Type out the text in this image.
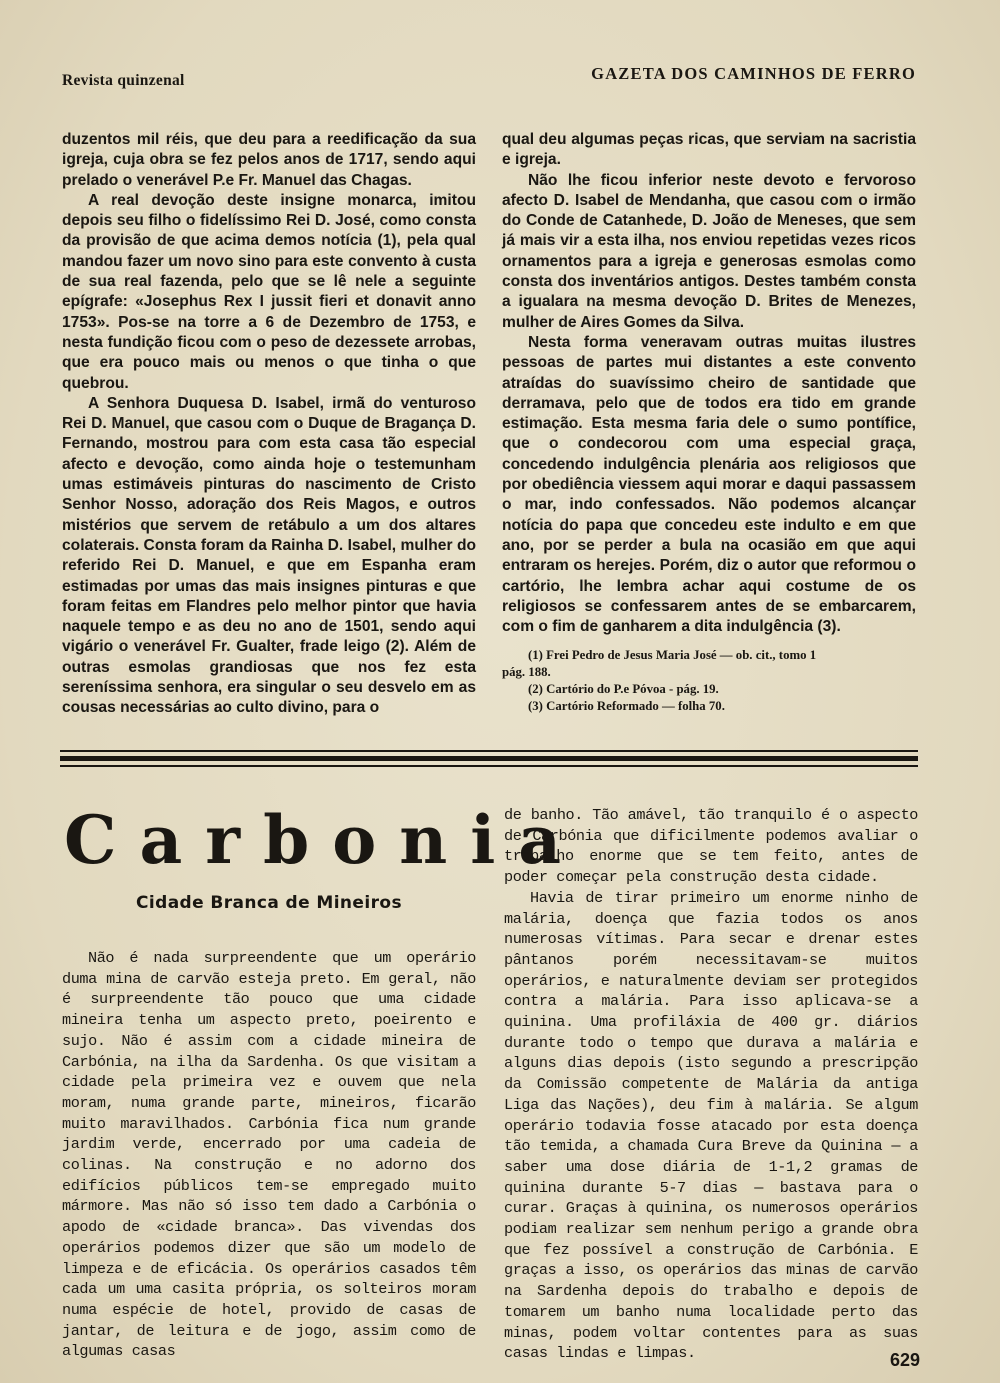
Revista quinzenal	GAZETA DOS CAMINHOS DE FERRO

duzentos mil réis, que deu para a reedificação da sua igreja, cuja obra se fez pelos anos de 1717, sendo aqui prelado o venerável P.e Fr. Manuel das Chagas.

A real devoção deste insigne monarca, imitou depois seu filho o fidelíssimo Rei D. José, como consta da provisão de que acima demos notícia (1), pela qual mandou fazer um novo sino para este convento à custa de sua real fazenda, pelo que se lê nele a seguinte epígrafe: «Josephus Rex I jussit fieri et donavit anno 1753». Pos-se na torre a 6 de Dezembro de 1753, e nesta fundição ficou com o peso de dezessete arrobas, que era pouco mais ou menos o que tinha o que quebrou.

A Senhora Duquesa D. Isabel, irmã do venturoso Rei D. Manuel, que casou com o Duque de Bragança D. Fernando, mostrou para com esta casa tão especial afecto e devoção, como ainda hoje o testemunham umas estimáveis pinturas do nascimento de Cristo Senhor Nosso, adoração dos Reis Magos, e outros mistérios que servem de retábulo a um dos altares colaterais. Consta foram da Rainha D. Isabel, mulher do referido Rei D. Manuel, e que em Espanha eram estimadas por umas das mais insignes pinturas e que foram feitas em Flandres pelo melhor pintor que havia naquele tempo e as deu no ano de 1501, sendo aqui vigário o venerável Fr. Gualter, frade leigo (2). Além de outras esmolas grandiosas que nos fez esta sereníssima senhora, era singular o seu desvelo em as cousas necessárias ao culto divino, para o

qual deu algumas peças ricas, que serviam na sacristia e igreja.

Não lhe ficou inferior neste devoto e fervoroso afecto D. Isabel de Mendanha, que casou com o irmão do Conde de Catanhede, D. João de Meneses, que sem já mais vir a esta ilha, nos enviou repetidas vezes ricos ornamentos para a igreja e generosas esmolas como consta dos inventários antigos. Destes também consta a igualara na mesma devoção D. Brites de Menezes, mulher de Aires Gomes da Silva.

Nesta forma veneravam outras muitas ilustres pessoas de partes mui distantes a este convento atraídas do suavíssimo cheiro de santidade que derramava, pelo que de todos era tido em grande estimação. Esta mesma faria dele o sumo pontífice, que o condecorou com uma especial graça, concedendo indulgência plenária aos religiosos que por obediência viessem aqui morar e daqui passassem o mar, indo confessados. Não podemos alcançar notícia do papa que concedeu este indulto e em que ano, por se perder a bula na ocasião em que aqui entraram os herejes. Porém, diz o autor que reformou o cartório, lhe lembra achar aqui costume de os religiosos se confessarem antes de se embarcarem, com o fim de ganharem a dita indulgência (3).

(1) Frei Pedro de Jesus Maria José — ob. cit., tomo 1
pág. 188.
(2) Cartório do P.e Póvoa - pág. 19.
(3) Cartório Reformado — folha 70.
Carbonia
Cidade Branca de Mineiros

Não é nada surpreendente que um operário duma mina de carvão esteja preto. Em geral, não é surpreendente tão pouco que uma cidade mineira tenha um aspecto preto, poeirento e sujo. Não é assim com a cidade mineira de Carbónia, na ilha da Sardenha. Os que visitam a cidade pela primeira vez e ouvem que nela moram, numa grande parte, mineiros, ficarão muito maravilhados. Carbónia fica num grande jardim verde, encerrado por uma cadeia de colinas. Na construção e no adorno dos edifícios públicos tem-se empregado muito mármore. Mas não só isso tem dado a Carbónia o apodo de «cidade branca». Das vivendas dos operários podemos dizer que são um modelo de limpeza e de eficácia. Os operários casados têm cada um uma casita própria, os solteiros moram numa espécie de hotel, provido de casas de jantar, de leitura e de jogo, assim como de algumas casas

de banho. Tão amável, tão tranquilo é o aspecto de Carbónia que dificilmente podemos avaliar o trabalho enorme que se tem feito, antes de poder começar pela construção desta cidade.

Havia de tirar primeiro um enorme ninho de malária, doença que fazia todos os anos numerosas vítimas. Para secar e drenar estes pântanos porém necessitavam-se muitos operários, e naturalmente deviam ser protegidos contra a malária. Para isso aplicava-se a quinina. Uma profiláxia de 400 gr. diários durante todo o tempo que durava a malária e alguns dias depois (isto segundo a prescripção da Comissão competente de Malária da antiga Liga das Nações), deu fim à malária. Se algum operário todavia fosse atacado por esta doença tão temida, a chamada Cura Breve da Quinina — a saber uma dose diária de 1-1,2 gramas de quinina durante 5-7 dias — bastava para o curar. Graças à quinina, os numerosos operários podiam realizar sem nenhum perigo a grande obra que fez possível a construção de Carbónia. E graças a isso, os operários das minas de carvão na Sardenha depois do trabalho e depois de tomarem um banho numa localidade perto das minas, podem voltar contentes para as suas casas lindas e limpas.	629
